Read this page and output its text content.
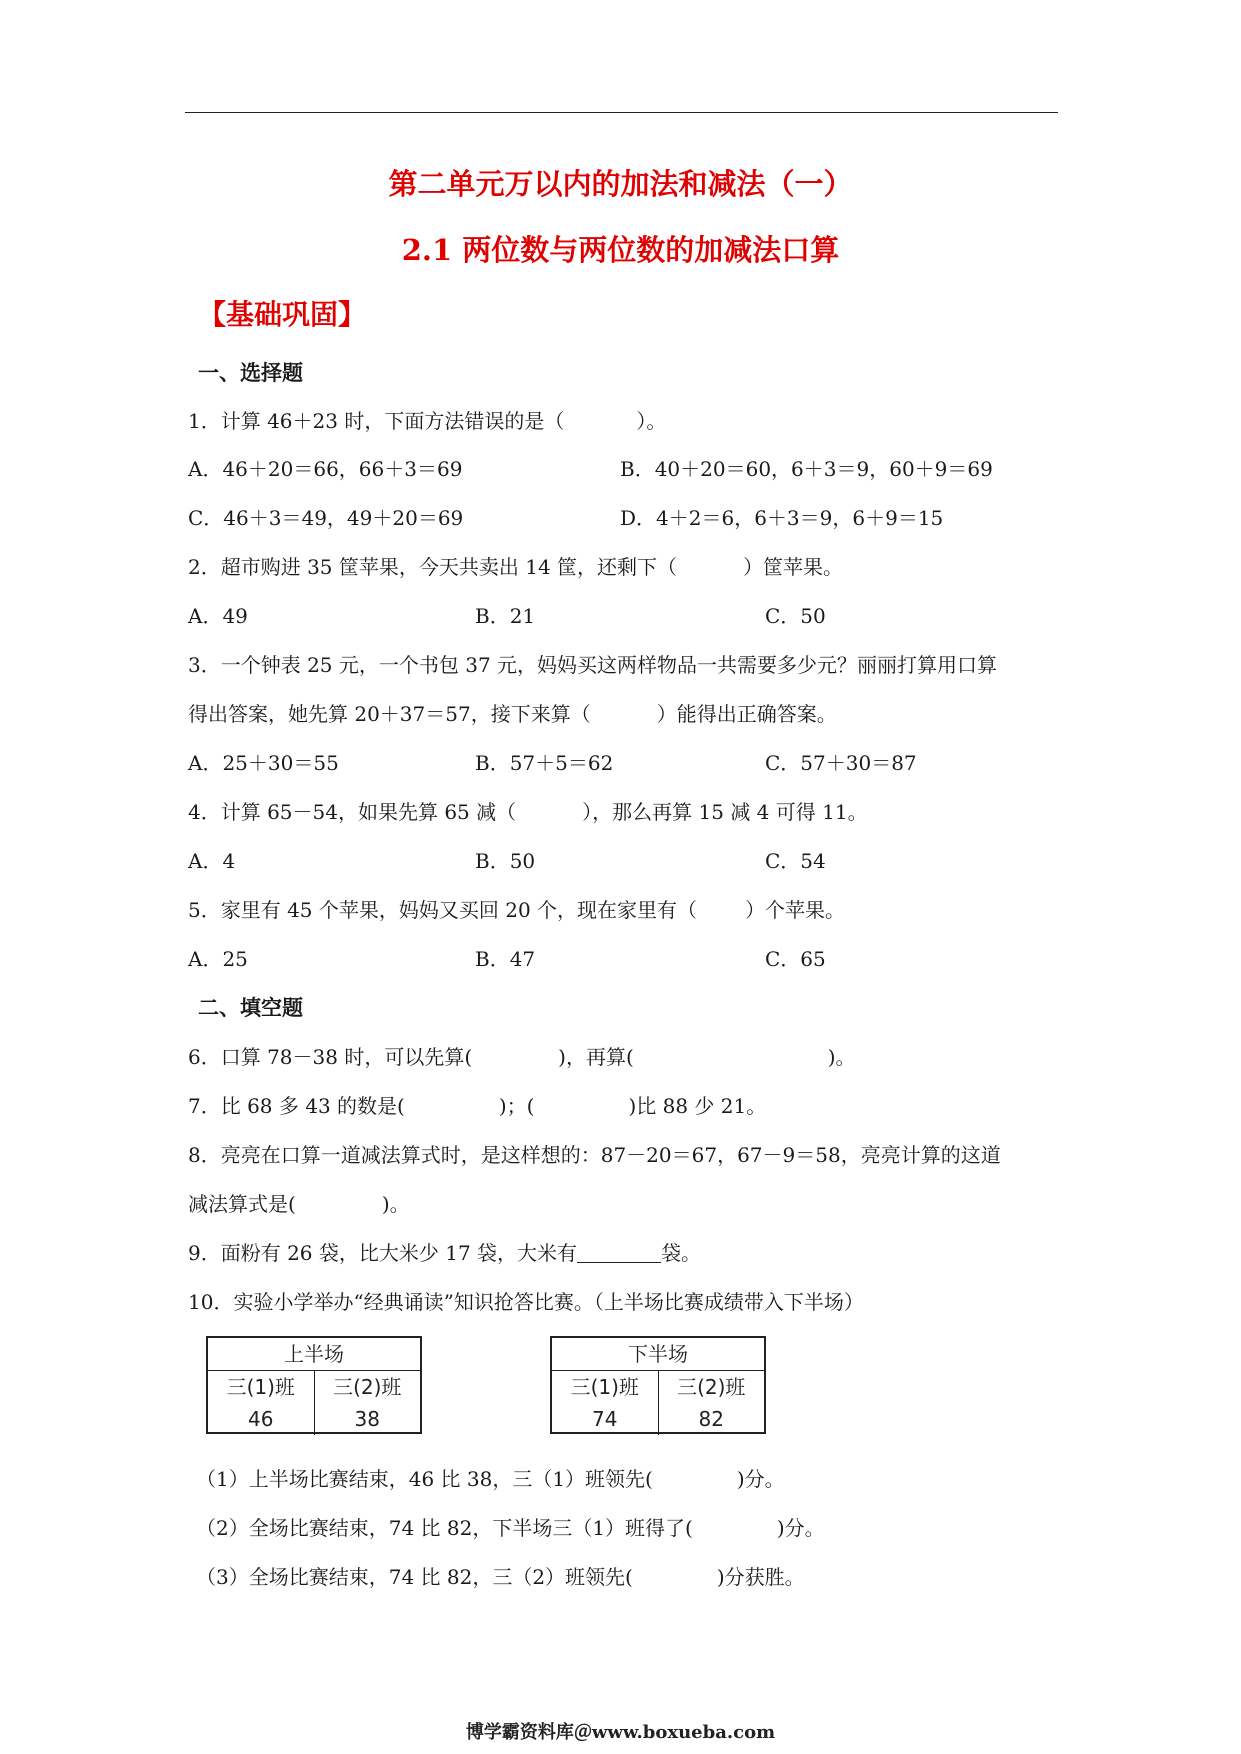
第二单元万以内的加法和减法（一）
2.1 两位数与两位数的加减法口算
【基础巩固】
一、选择题
1．计算 46＋23 时，下面方法错误的是（	）。
A．46＋20＝66，66＋3＝69	B．40＋20＝60，6＋3＝9，60＋9＝69
C．46＋3＝49，49＋20＝69	D．4＋2＝6，6＋3＝9，6＋9＝15
2．超市购进 35 筐苹果，今天共卖出 14 筐，还剩下（	）筐苹果。
A．49	B．21	C．50
3．一个钟表 25 元，一个书包 37 元，妈妈买这两样物品一共需要多少元？丽丽打算用口算
得出答案，她先算 20＋37＝57，接下来算（	）能得出正确答案。
A．25＋30＝55	B．57＋5＝62	C．57＋30＝87
4．计算 65－54，如果先算 65 减（	），那么再算 15 减 4 可得 11。
A．4	B．50	C．54
5．家里有 45 个苹果，妈妈又买回 20 个，现在家里有（ ）个苹果。
A．25	B．47	C．65
二、填空题
6．口算 78－38 时，可以先算(	)，再算(	)。
7．比 68 多 43 的数是(	)；(	)比 88 少 21。
8．亮亮在口算一道减法算式时，是这样想的：87－20＝67，67－9＝58，亮亮计算的这道
减法算式是(	)。
9．面粉有 26 袋，比大米少 17 袋，大米有	袋。
10．实验小学举办“经典诵读”知识抢答比赛。（上半场比赛成绩带入下半场）
上半场
三(1)班	三(2)班
46	38
下半场
三(1)班	三(2)班
74	82
（1）上半场比赛结束，46 比 38，三（1）班领先(	)分。
（2）全场比赛结束，74 比 82，下半场三（1）班得了(	)分。
（3）全场比赛结束，74 比 82，三（2）班领先(	)分获胜。
博学霸资料库＠www.boxueba.com
